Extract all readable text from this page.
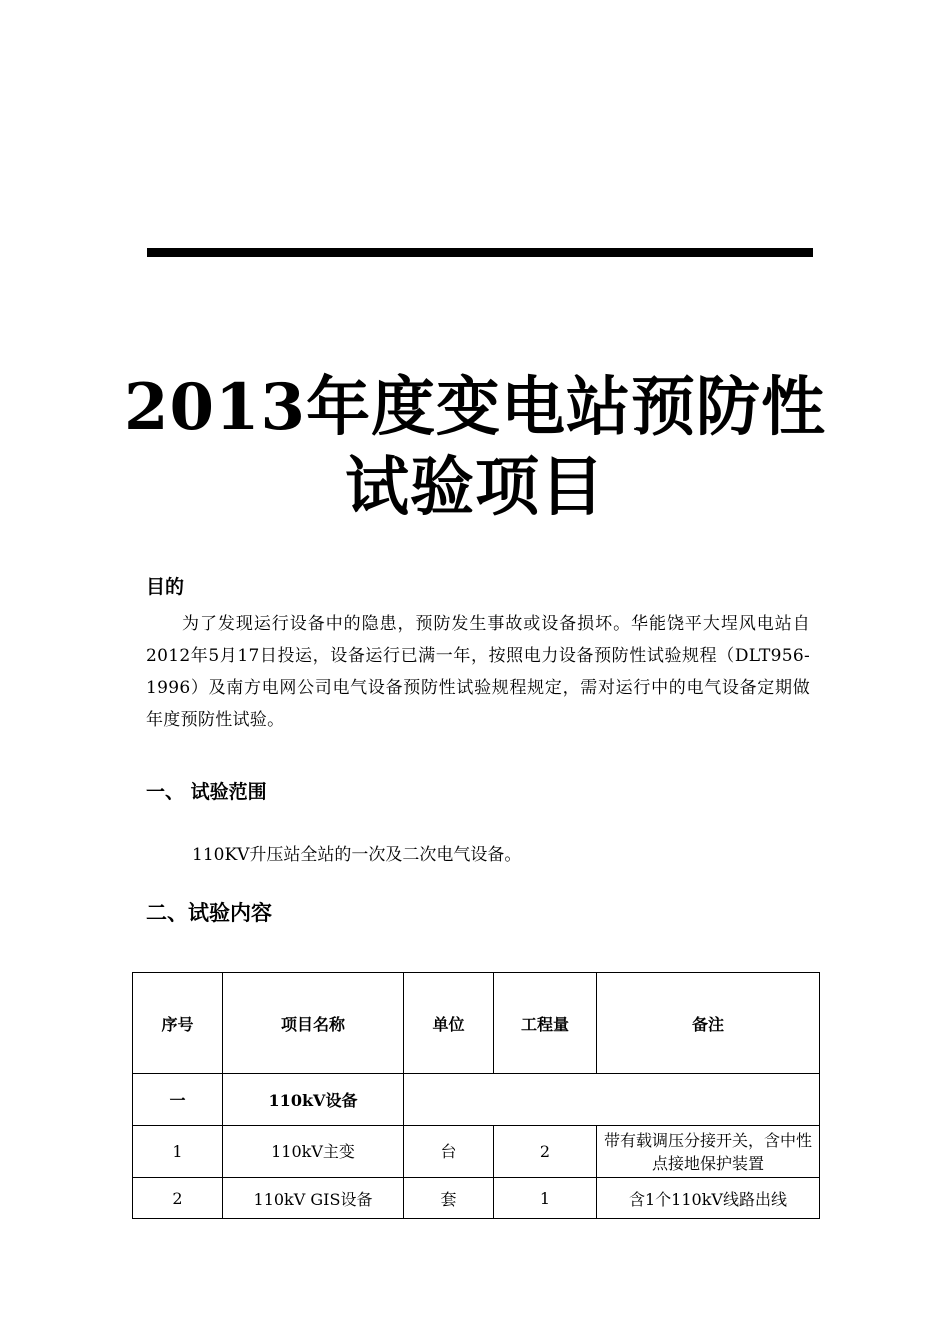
2013年度变电站预防性试验项目
目的
为了发现运行设备中的隐患，预防发生事故或设备损坏。华能饶平大埕风电站自2012年5月17日投运，设备运行已满一年，按照电力设备预防性试验规程（DLT956-1996）及南方电网公司电气设备预防性试验规程规定，需对运行中的电气设备定期做年度预防性试验。
一、 试验范围
110KV升压站全站的一次及二次电气设备。
二、试验内容
序号	项目名称	单位	工程量	备注
一	110kV设备			
1	110kV主变	台	2	带有载调压分接开关，含中性点接地保护装置
2	110kV GIS设备	套	1	含1个110kV线路出线
